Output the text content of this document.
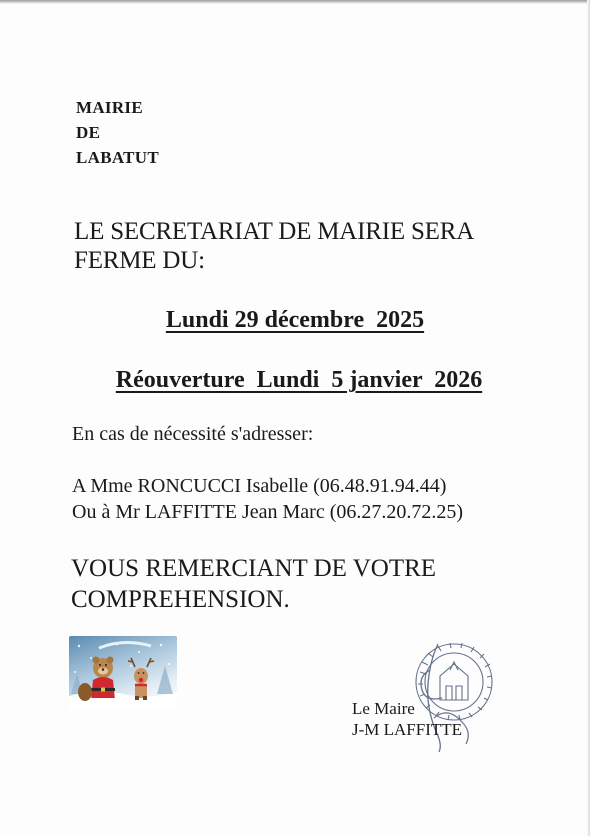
MAIRIE
DE
LABATUT
LE SECRETARIAT DE MAIRIE SERA
FERME DU:
Lundi 29 décembre  2025
Réouverture  Lundi  5 janvier  2026
En cas de nécessité s'adresser:
A Mme RONCUCCI Isabelle (06.48.91.94.44)
Ou à Mr LAFFITTE Jean Marc (06.27.20.72.25)
VOUS REMERCIANT DE VOTRE
COMPREHENSION.
Le Maire
J-M LAFFITTE
